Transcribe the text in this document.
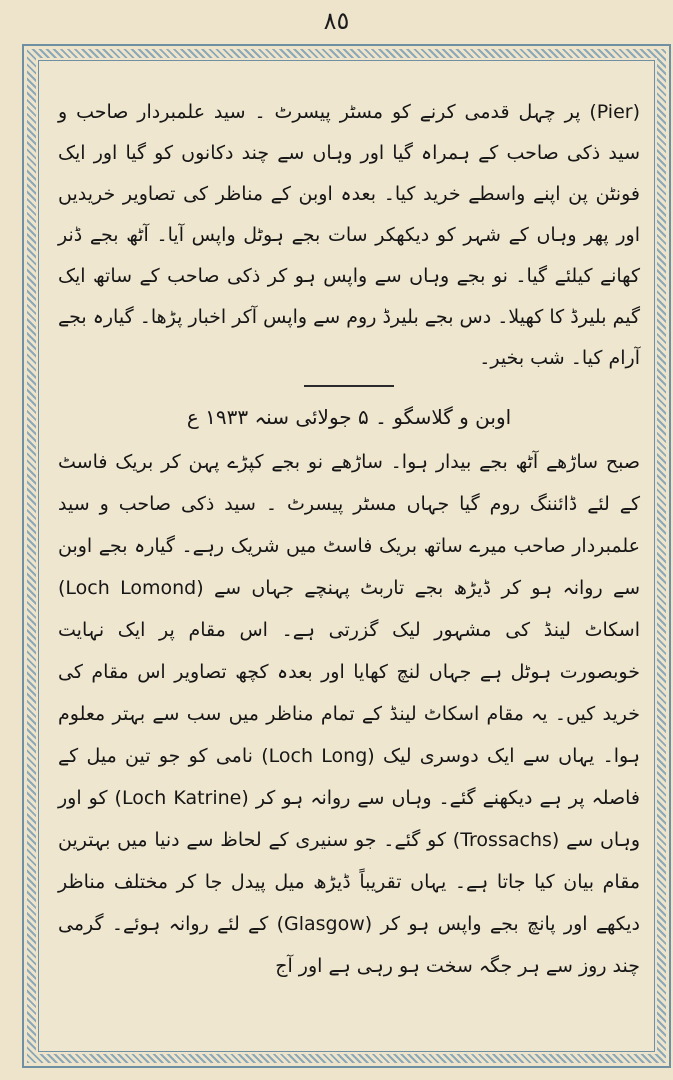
٨٥

(Pier) پر چہل قدمی کرنے کو مسٹر پیسرٹ ۔ سید علمبردار صاحب و سید ذکی صاحب کے ہمراہ گیا اور وہاں سے چند دکانوں کو گیا اور ایک فونٹن پن اپنے واسطے خرید کیا۔ بعدہ اوبن کے مناظر کی تصاویر خریدیں اور پھر وہاں کے شہر کو دیکھکر سات بجے ہوٹل واپس آیا۔ آٹھ بجے ڈنر کھانے کیلئے گیا۔ نو بجے وہاں سے واپس ہو کر ذکی صاحب کے ساتھ ایک گیم بلیرڈ کا کھیلا۔ دس بجے بلیرڈ روم سے واپس آکر اخبار پڑھا۔ گیارہ بجے آرام کیا۔ شب بخیر۔

اوبن و گلاسگو ۔ ۵ جولائی سنہ ۱۹۳۳ ع

صبح ساڑھے آٹھ بجے بیدار ہوا۔ ساڑھے نو بجے کپڑے پہن کر بریک فاسٹ کے لئے ڈائننگ روم گیا جہاں مسٹر پیسرٹ ۔ سید ذکی صاحب و سید علمبردار صاحب میرے ساتھ بریک فاسٹ میں شریک رہے۔ گیارہ بجے اوبن سے روانہ ہو کر ڈیڑھ بجے تاربٹ پہنچے جہاں سے (Loch Lomond) اسکاٹ لینڈ کی مشہور لیک گزرتی ہے۔ اس مقام پر ایک نہایت خوبصورت ہوٹل ہے جہاں لنچ کھایا اور بعدہ کچھ تصاویر اس مقام کی خرید کیں۔ یہ مقام اسکاٹ لینڈ کے تمام مناظر میں سب سے بہتر معلوم ہوا۔ یہاں سے ایک دوسری لیک (Loch Long) نامی کو جو تین میل کے فاصلہ پر ہے دیکھنے گئے۔ وہاں سے روانہ ہو کر (Loch Katrine) کو اور وہاں سے (Trossachs) کو گئے۔ جو سنیری کے لحاظ سے دنیا میں بہترین مقام بیان کیا جاتا ہے۔ یہاں تقریباً ڈیڑھ میل پیدل جا کر مختلف مناظر دیکھے اور پانچ بجے واپس ہو کر (Glasgow) کے لئے روانہ ہوئے۔ گرمی چند روز سے ہر جگہ سخت ہو رہی ہے اور آج
